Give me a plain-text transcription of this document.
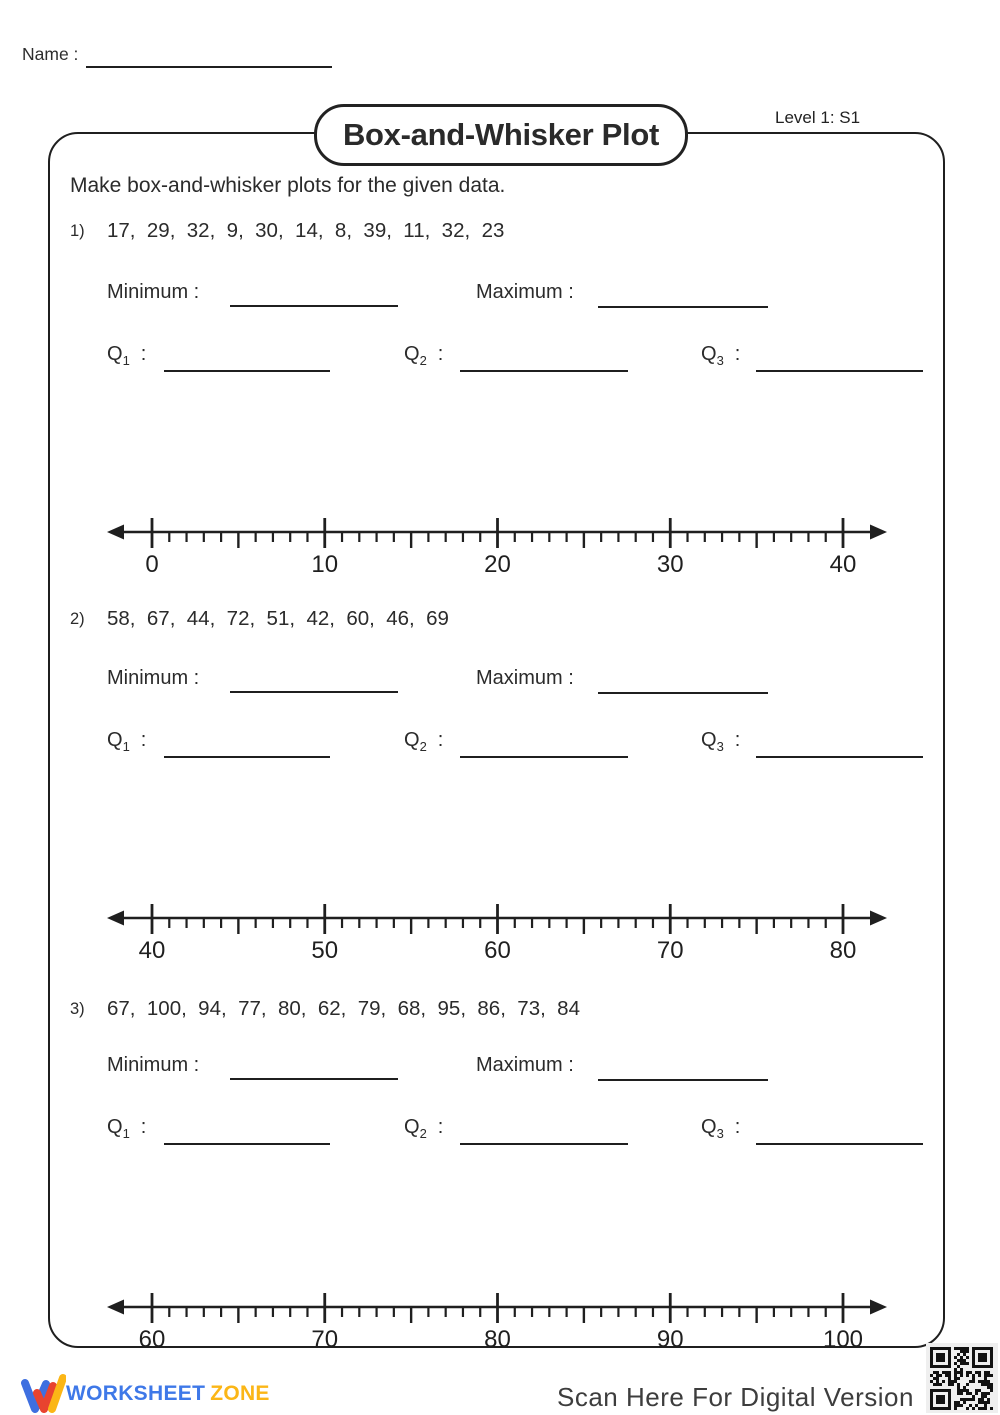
Name :
Box-and-Whisker Plot	Level 1: S1
Make box-and-whisker plots for the given data.
1) 17,  29,  32,  9,  30,  14,  8,  39,  11,  32,  23
Minimum :	Maximum :
$Q_1$ :	$Q_2$ :	$Q_3$ :
0	10	20	30	40
2) 58,  67,  44,  72,  51,  42,  60,  46,  69
Minimum :	Maximum :
$Q_1$ :	$Q_2$ :	$Q_3$ :
40	50	60	70	80
3) 67,  100,  94,  77,  80,  62,  79,  68,  95,  86,  73,  84
Minimum :	Maximum :
$Q_1$ :	$Q_2$ :	$Q_3$ :
60	70	80	90	100
WORKSHEET ZONE	Scan Here For Digital Version
